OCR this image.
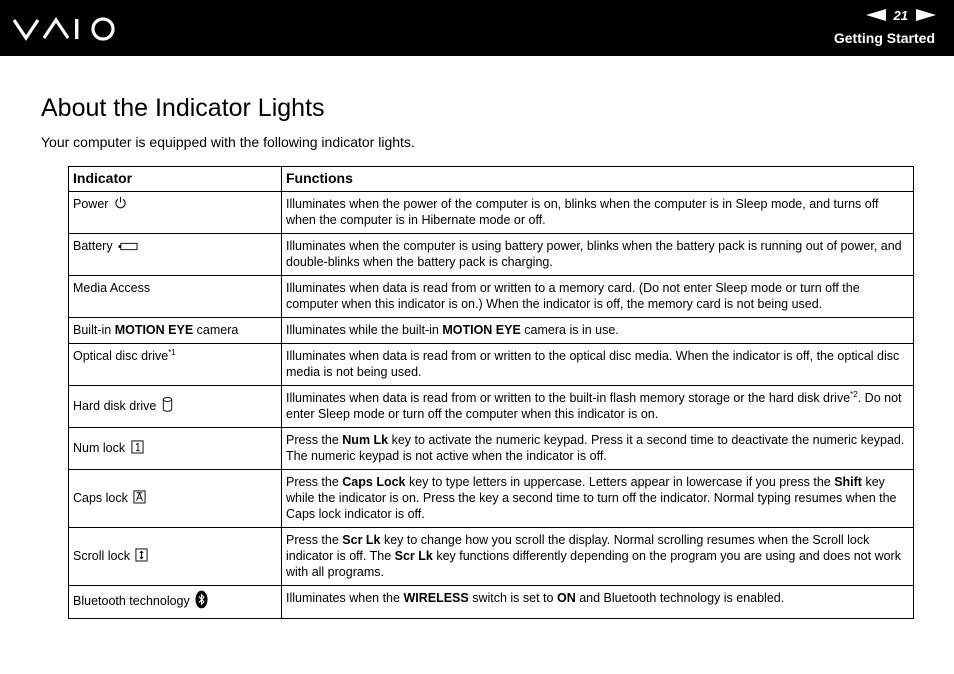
21
Getting Started
About the Indicator Lights

Your computer is equipped with the following indicator lights.

Indicator	Functions
Power	Illuminates when the power of the computer is on, blinks when the computer is in Sleep mode, and turns off when the computer is in Hibernate mode or off.
Battery	Illuminates when the computer is using battery power, blinks when the battery pack is running out of power, and double-blinks when the battery pack is charging.
Media Access	Illuminates when data is read from or written to a memory card. (Do not enter Sleep mode or turn off the computer when this indicator is on.) When the indicator is off, the memory card is not being used.
Built-in MOTION EYE camera	Illuminates while the built-in MOTION EYE camera is in use.
Optical disc drive$^{*1}$	Illuminates when data is read from or written to the optical disc media. When the indicator is off, the optical disc media is not being used.
Hard disk drive	Illuminates when data is read from or written to the built-in flash memory storage or the hard disk drive$^{*2}$. Do not enter Sleep mode or turn off the computer when this indicator is on.
Num lock	Press the Num Lk key to activate the numeric keypad. Press it a second time to deactivate the numeric keypad. The numeric keypad is not active when the indicator is off.
Caps lock	Press the Caps Lock key to type letters in uppercase. Letters appear in lowercase if you press the Shift key while the indicator is on. Press the key a second time to turn off the indicator. Normal typing resumes when the Caps lock indicator is off.
Scroll lock	Press the Scr Lk key to change how you scroll the display. Normal scrolling resumes when the Scroll lock indicator is off. The Scr Lk key functions differently depending on the program you are using and does not work with all programs.
Bluetooth technology	Illuminates when the WIRELESS switch is set to ON and Bluetooth technology is enabled.
